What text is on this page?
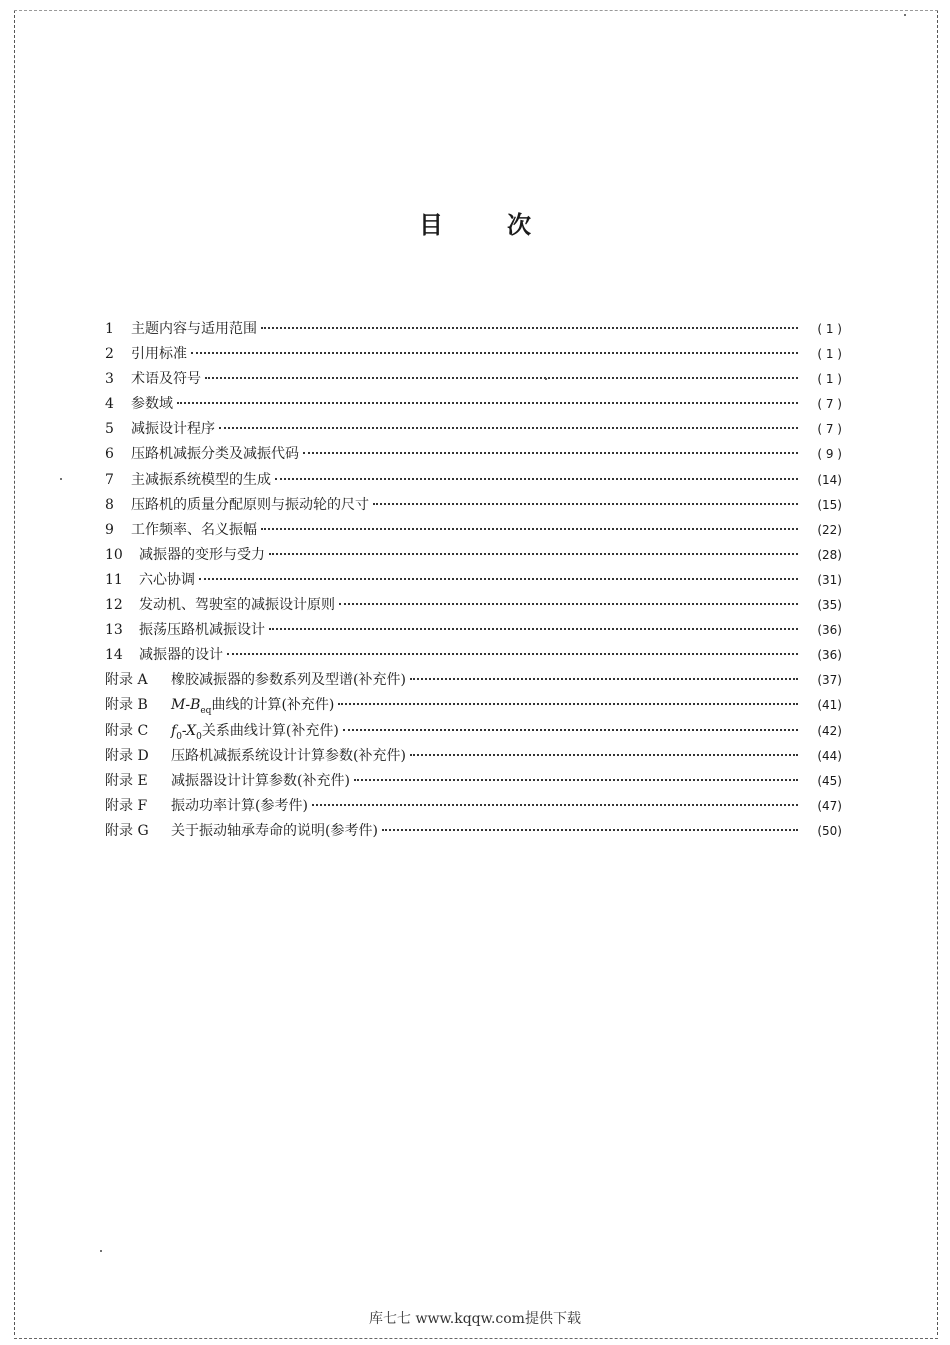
目	次
1	主题内容与适用范围	( 1 )
2	引用标准	( 1 )
3	术语及符号	( 1 )
4	参数域	( 7 )
5	减振设计程序	( 7 )
6	压路机减振分类及减振代码	( 9 )
7	主减振系统模型的生成	(14)
8	压路机的质量分配原则与振动轮的尺寸	(15)
9	工作频率、名义振幅	(22)
10	减振器的变形与受力	(28)
11	六心协调	(31)
12	发动机、驾驶室的减振设计原则	(35)
13	振荡压路机减振设计	(36)
14	减振器的设计	(36)
附录 A	橡胶减振器的参数系列及型谱(补充件)	(37)
附录 B	$M-B_{eq}$曲线的计算(补充件)	(41)
附录 C	$f_0-X_0$关系曲线计算(补充件)	(42)
附录 D	压路机减振系统设计计算参数(补充件)	(44)
附录 E	减振器设计计算参数(补充件)	(45)
附录 F	振动功率计算(参考件)	(47)
附录 G	关于振动轴承寿命的说明(参考件)	(50)
库七七 www.kqqw.com提供下载
